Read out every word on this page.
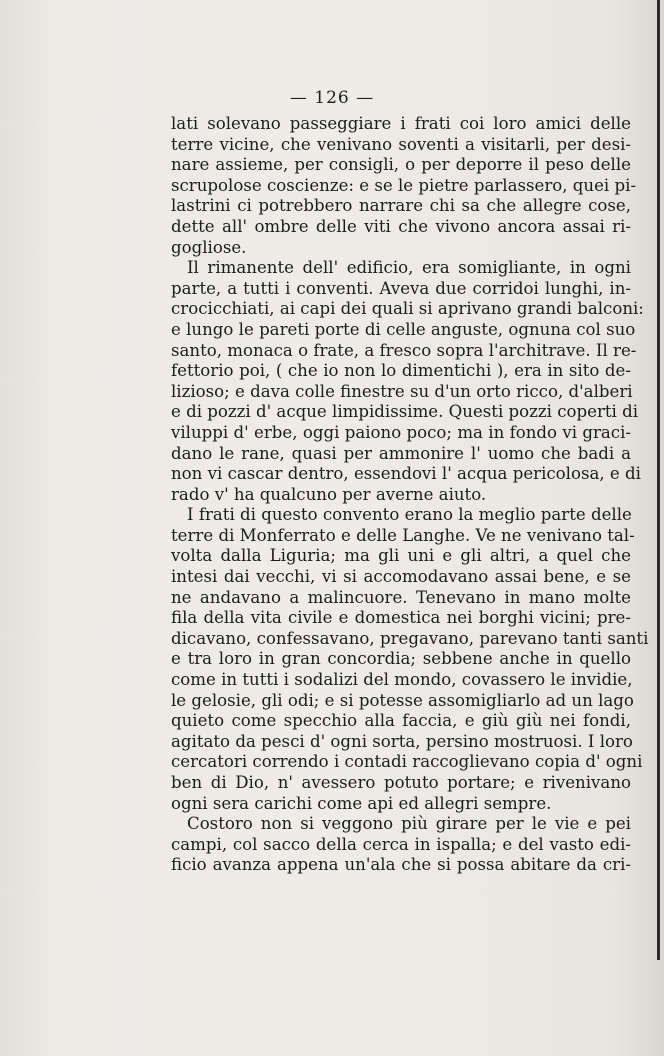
— 126 —
lati solevano passeggiare i frati coi loro amici delle
terre vicine, che venivano soventi a visitarli, per desi-
nare assieme, per consigli, o per deporre il peso delle
scrupolose coscienze: e se le pietre parlassero, quei pi-
lastrini ci potrebbero narrare chi sa che allegre cose,
dette all' ombre delle viti che vivono ancora assai ri-
gogliose.
Il rimanente dell' edificio, era somigliante, in ogni
parte, a tutti i conventi. Aveva due corridoi lunghi, in-
crocicchiati, ai capi dei quali si aprivano grandi balconi:
e lungo le pareti porte di celle anguste, ognuna col suo
santo, monaca o frate, a fresco sopra l'architrave. Il re-
fettorio poi, ( che io non lo dimentichi ), era in sito de-
lizioso; e dava colle finestre su d'un orto ricco, d'alberi
e di pozzi d' acque limpidissime. Questi pozzi coperti di
viluppi d' erbe, oggi paiono poco; ma in fondo vi graci-
dano le rane, quasi per ammonire l' uomo che badi a
non vi cascar dentro, essendovi l' acqua pericolosa, e di
rado v' ha qualcuno per averne aiuto.
I frati di questo convento erano la meglio parte delle
terre di Monferrato e delle Langhe. Ve ne venivano tal-
volta dalla Liguria; ma gli uni e gli altri, a quel che
intesi dai vecchi, vi si accomodavano assai bene, e se
ne andavano a malincuore. Tenevano in mano molte
fila della vita civile e domestica nei borghi vicini; pre-
dicavano, confessavano, pregavano, parevano tanti santi
e tra loro in gran concordia; sebbene anche in quello
come in tutti i sodalizi del mondo, covassero le invidie,
le gelosie, gli odi; e si potesse assomigliarlo ad un lago
quieto come specchio alla faccia, e giù giù nei fondi,
agitato da pesci d' ogni sorta, persino mostruosi. I loro
cercatori correndo i contadi raccoglievano copia d' ogni
ben di Dio, n' avessero potuto portare; e rivenivano
ogni sera carichi come api ed allegri sempre.
Costoro non si veggono più girare per le vie e pei
campi, col sacco della cerca in ispalla; e del vasto edi-
ficio avanza appena un'ala che si possa abitare da cri-
